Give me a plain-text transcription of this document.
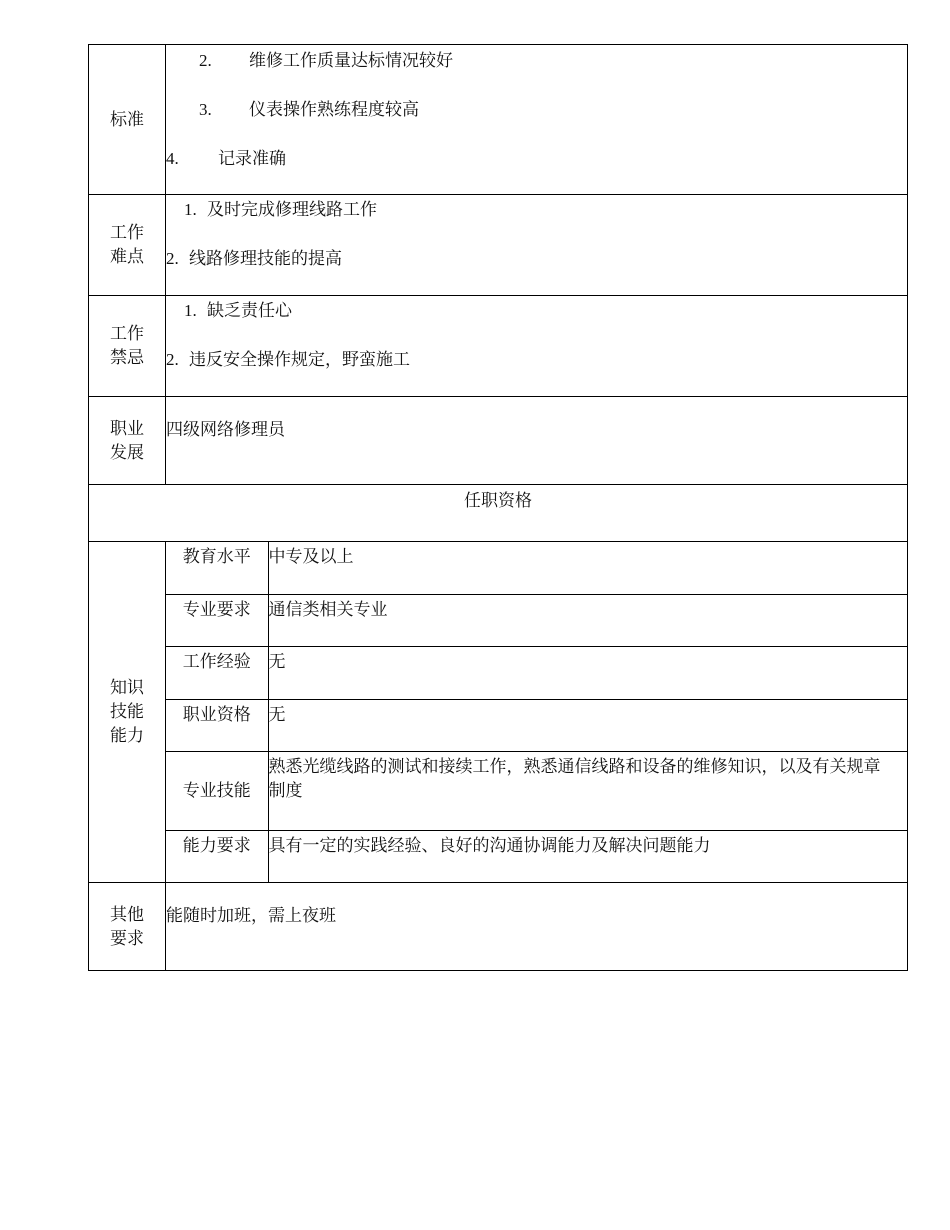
标准

2. 维修工作质量达标情况较好
3. 仪表操作熟练程度较高
4. 记录准确

工作
难点

1. 及时完成修理线路工作
2. 线路修理技能的提高

工作
禁忌

1. 缺乏责任心
2. 违反安全操作规定，野蛮施工

职业
发展

四级网络修理员

任职资格

知识
技能
能力

教育水平	中专及以上
专业要求	通信类相关专业
工作经验	无
职业资格	无
专业技能	熟悉光缆线路的测试和接续工作，熟悉通信线路和设备的维修知识，以及有关规章制度
能力要求	具有一定的实践经验、良好的沟通协调能力及解决问题能力

其他
要求

能随时加班，需上夜班
